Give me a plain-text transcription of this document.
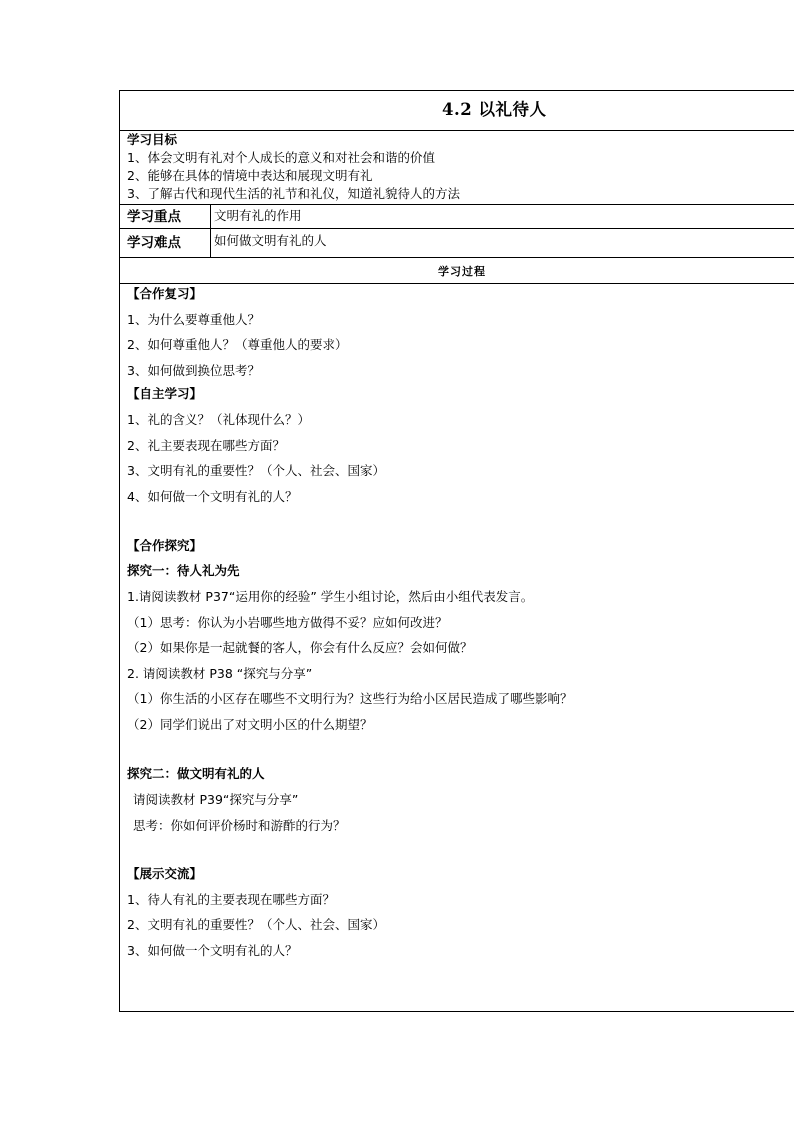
4.2 以礼待人
学习目标
1、体会文明有礼对个人成长的意义和对社会和谐的价值
2、能够在具体的情境中表达和展现文明有礼
3、了解古代和现代生活的礼节和礼仪，知道礼貌待人的方法
学习重点	文明有礼的作用
学习难点	如何做文明有礼的人
学习过程
【合作复习】
1、为什么要尊重他人？
2、如何尊重他人？（尊重他人的要求）
3、如何做到换位思考？
【自主学习】
1、礼的含义？（礼体现什么？）
2、礼主要表现在哪些方面？
3、文明有礼的重要性？（个人、社会、国家）
4、如何做一个文明有礼的人？
【合作探究】
探究一：待人礼为先
1.请阅读教材 P37“运用你的经验” 学生小组讨论，然后由小组代表发言。
（1）思考：你认为小岩哪些地方做得不妥？应如何改进？
（2）如果你是一起就餐的客人，你会有什么反应？会如何做？
2. 请阅读教材 P38 “探究与分享”
（1）你生活的小区存在哪些不文明行为？这些行为给小区居民造成了哪些影响？
（2）同学们说出了对文明小区的什么期望？
探究二：做文明有礼的人
请阅读教材 P39“探究与分享”
思考：你如何评价杨时和游酢的行为？
【展示交流】
1、待人有礼的主要表现在哪些方面？
2、文明有礼的重要性？（个人、社会、国家）
3、如何做一个文明有礼的人？
